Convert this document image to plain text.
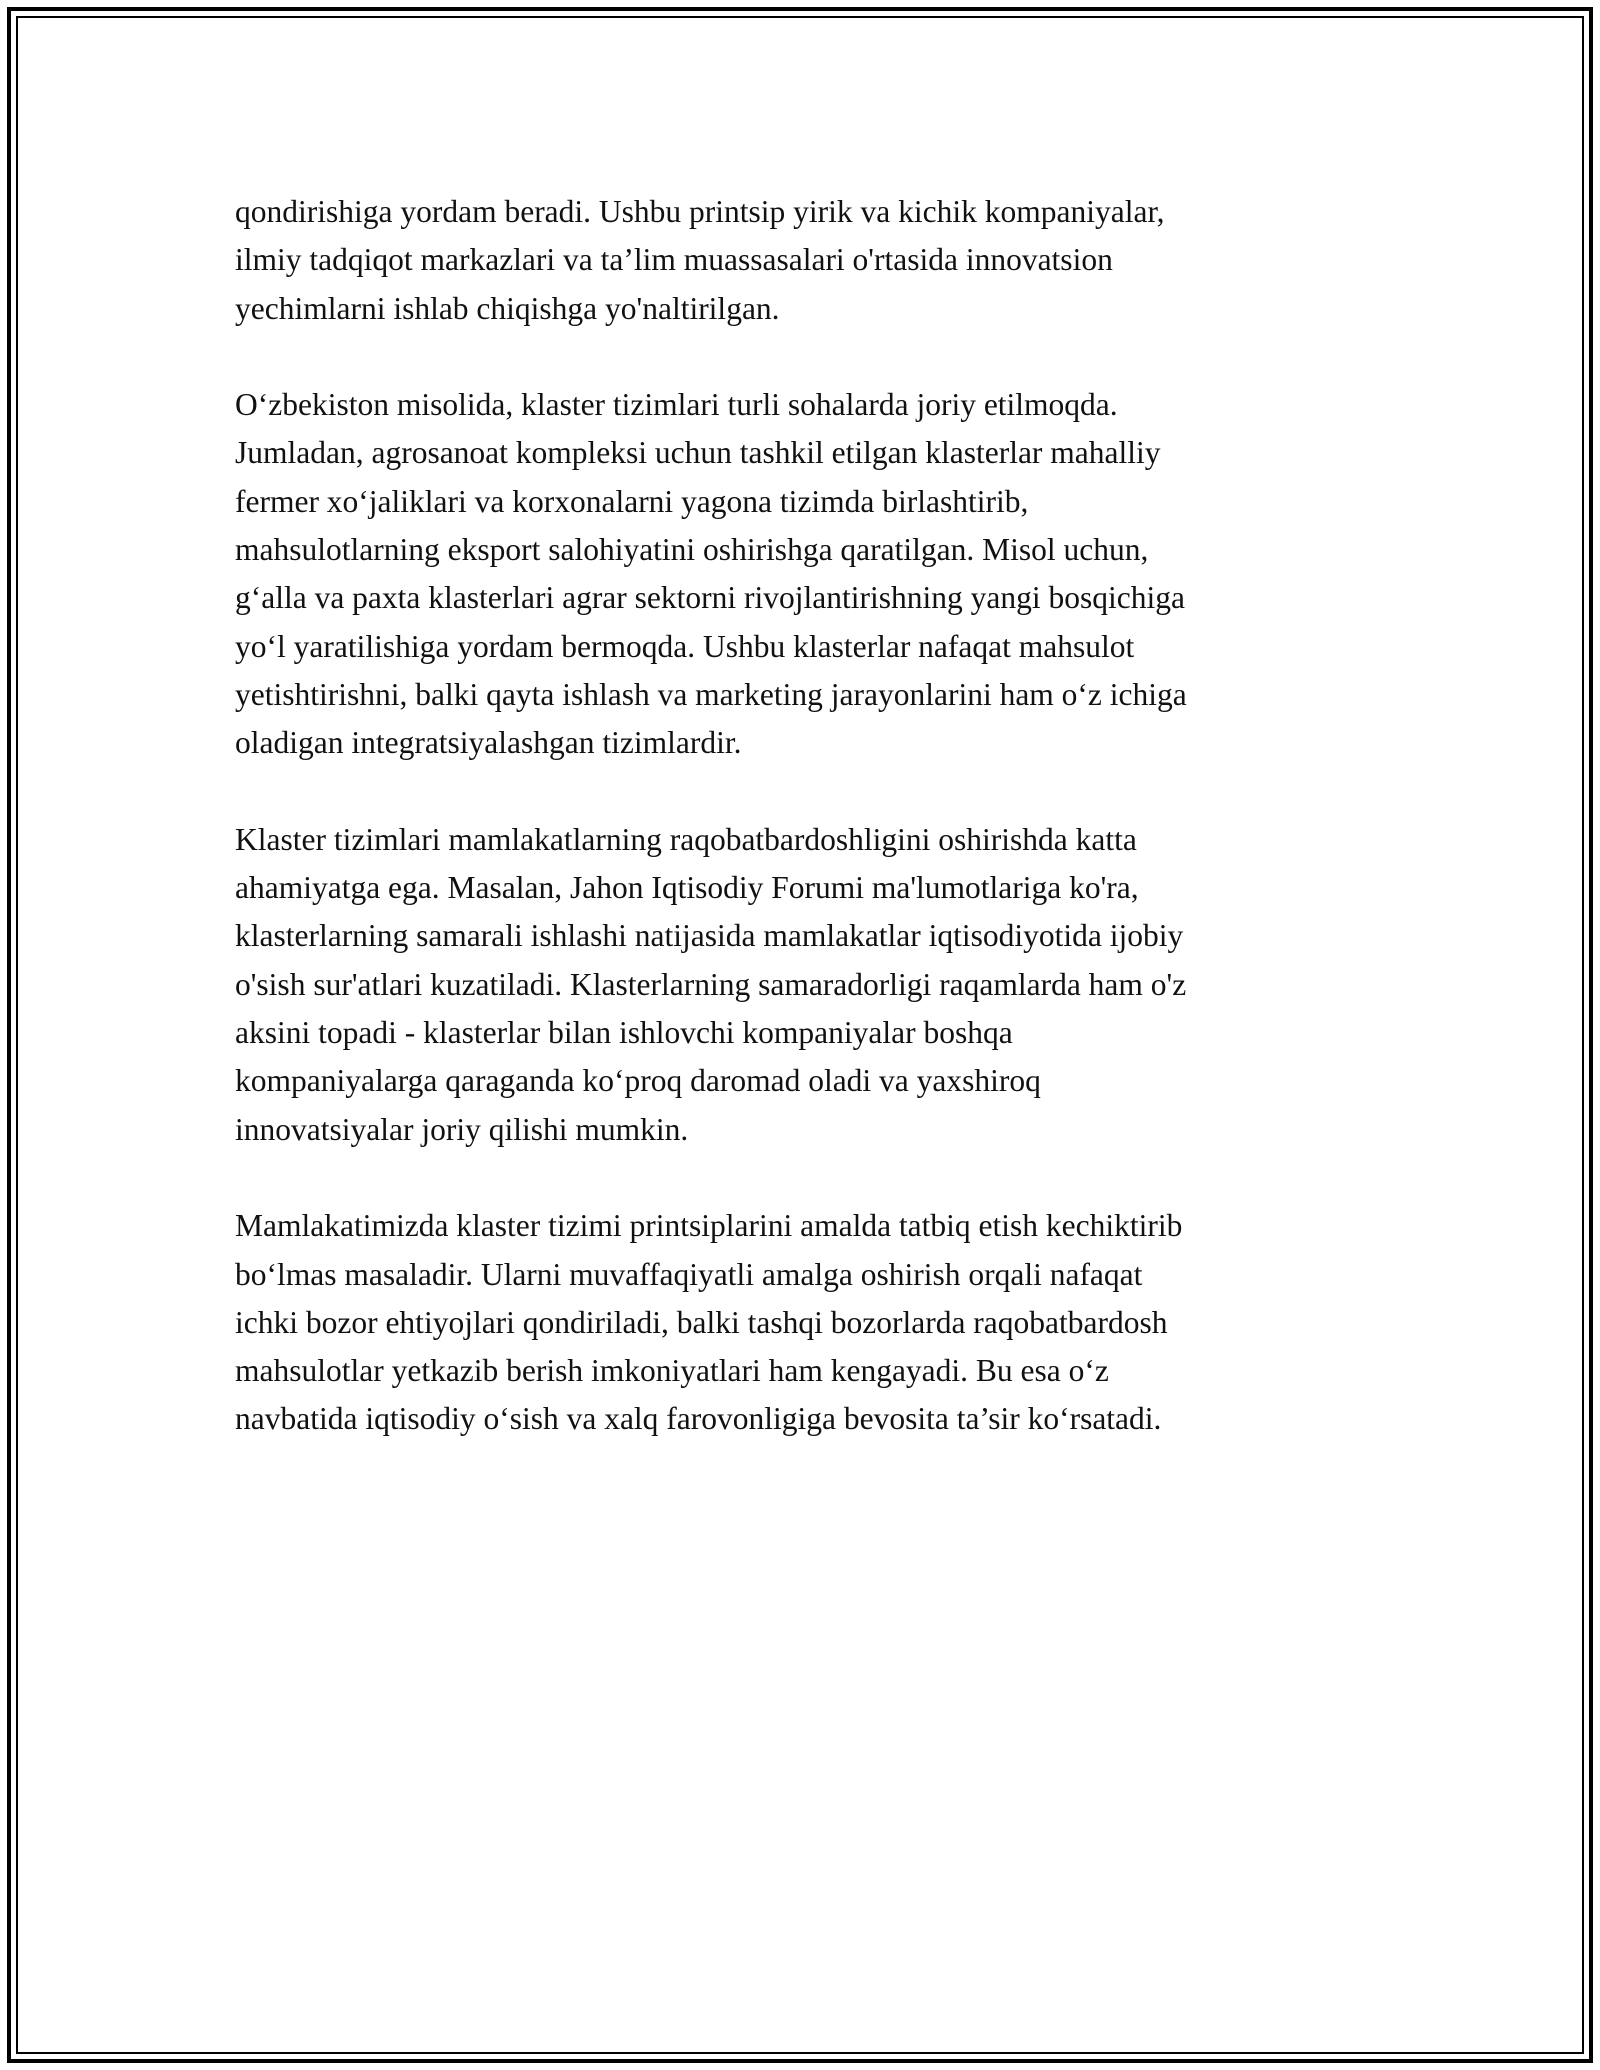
qondirishiga yordam beradi. Ushbu printsip yirik va kichik kompaniyalar,
ilmiy tadqiqot markazlari va ta’lim muassasalari o'rtasida innovatsion
yechimlarni ishlab chiqishga yo'naltirilgan.

O‘zbekiston misolida, klaster tizimlari turli sohalarda joriy etilmoqda.
Jumladan, agrosanoat kompleksi uchun tashkil etilgan klasterlar mahalliy
fermer xo‘jaliklari va korxonalarni yagona tizimda birlashtirib,
mahsulotlarning eksport salohiyatini oshirishga qaratilgan. Misol uchun,
g‘alla va paxta klasterlari agrar sektorni rivojlantirishning yangi bosqichiga
yo‘l yaratilishiga yordam bermoqda. Ushbu klasterlar nafaqat mahsulot
yetishtirishni, balki qayta ishlash va marketing jarayonlarini ham o‘z ichiga
oladigan integratsiyalashgan tizimlardir.

Klaster tizimlari mamlakatlarning raqobatbardoshligini oshirishda katta
ahamiyatga ega. Masalan, Jahon Iqtisodiy Forumi ma'lumotlariga ko'ra,
klasterlarning samarali ishlashi natijasida mamlakatlar iqtisodiyotida ijobiy
o'sish sur'atlari kuzatiladi. Klasterlarning samaradorligi raqamlarda ham o'z
aksini topadi - klasterlar bilan ishlovchi kompaniyalar boshqa
kompaniyalarga qaraganda ko‘proq daromad oladi va yaxshiroq
innovatsiyalar joriy qilishi mumkin.

Mamlakatimizda klaster tizimi printsiplarini amalda tatbiq etish kechiktirib
bo‘lmas masaladir. Ularni muvaffaqiyatli amalga oshirish orqali nafaqat
ichki bozor ehtiyojlari qondiriladi, balki tashqi bozorlarda raqobatbardosh
mahsulotlar yetkazib berish imkoniyatlari ham kengayadi. Bu esa o‘z
navbatida iqtisodiy o‘sish va xalq farovonligiga bevosita ta’sir ko‘rsatadi.
